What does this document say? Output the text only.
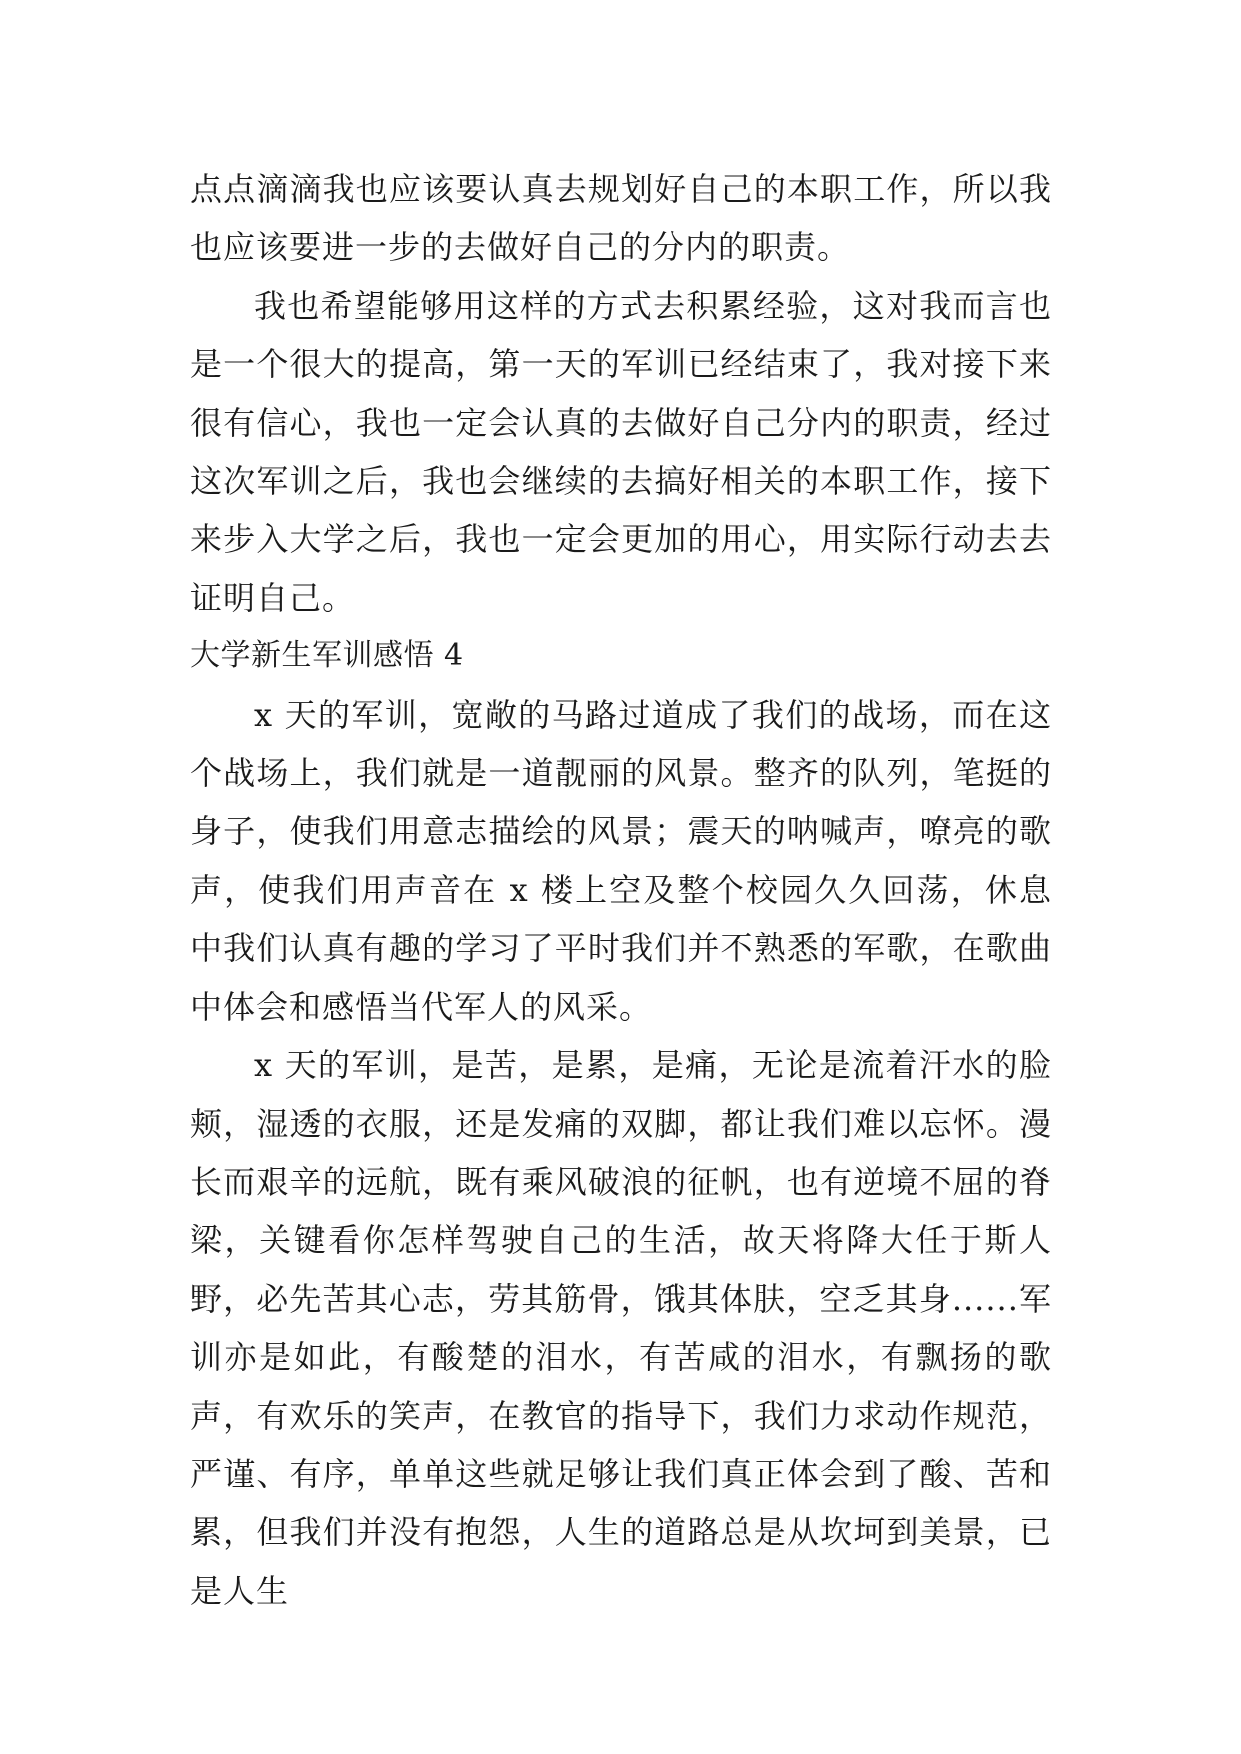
点点滴滴我也应该要认真去规划好自己的本职工作，所以我也应该要进一步的去做好自己的分内的职责。

我也希望能够用这样的方式去积累经验，这对我而言也是一个很大的提高，第一天的军训已经结束了，我对接下来很有信心，我也一定会认真的去做好自己分内的职责，经过这次军训之后，我也会继续的去搞好相关的本职工作，接下来步入大学之后，我也一定会更加的用心，用实际行动去去证明自己。

大学新生军训感悟 4

x 天的军训，宽敞的马路过道成了我们的战场，而在这个战场上，我们就是一道靓丽的风景。整齐的队列，笔挺的身子，使我们用意志描绘的风景；震天的呐喊声，嘹亮的歌声，使我们用声音在 x 楼上空及整个校园久久回荡，休息中我们认真有趣的学习了平时我们并不熟悉的军歌，在歌曲中体会和感悟当代军人的风采。

x 天的军训，是苦，是累，是痛，无论是流着汗水的脸颊，湿透的衣服，还是发痛的双脚，都让我们难以忘怀。漫长而艰辛的远航，既有乘风破浪的征帆，也有逆境不屈的脊梁，关键看你怎样驾驶自己的生活，故天将降大任于斯人野，必先苦其心志，劳其筋骨，饿其体肤，空乏其身......军训亦是如此，有酸楚的泪水，有苦咸的泪水，有飘扬的歌声，有欢乐的笑声，在教官的指导下，我们力求动作规范，严谨、有序，单单这些就足够让我们真正体会到了酸、苦和累，但我们并没有抱怨，人生的道路总是从坎坷到美景，已是人生
